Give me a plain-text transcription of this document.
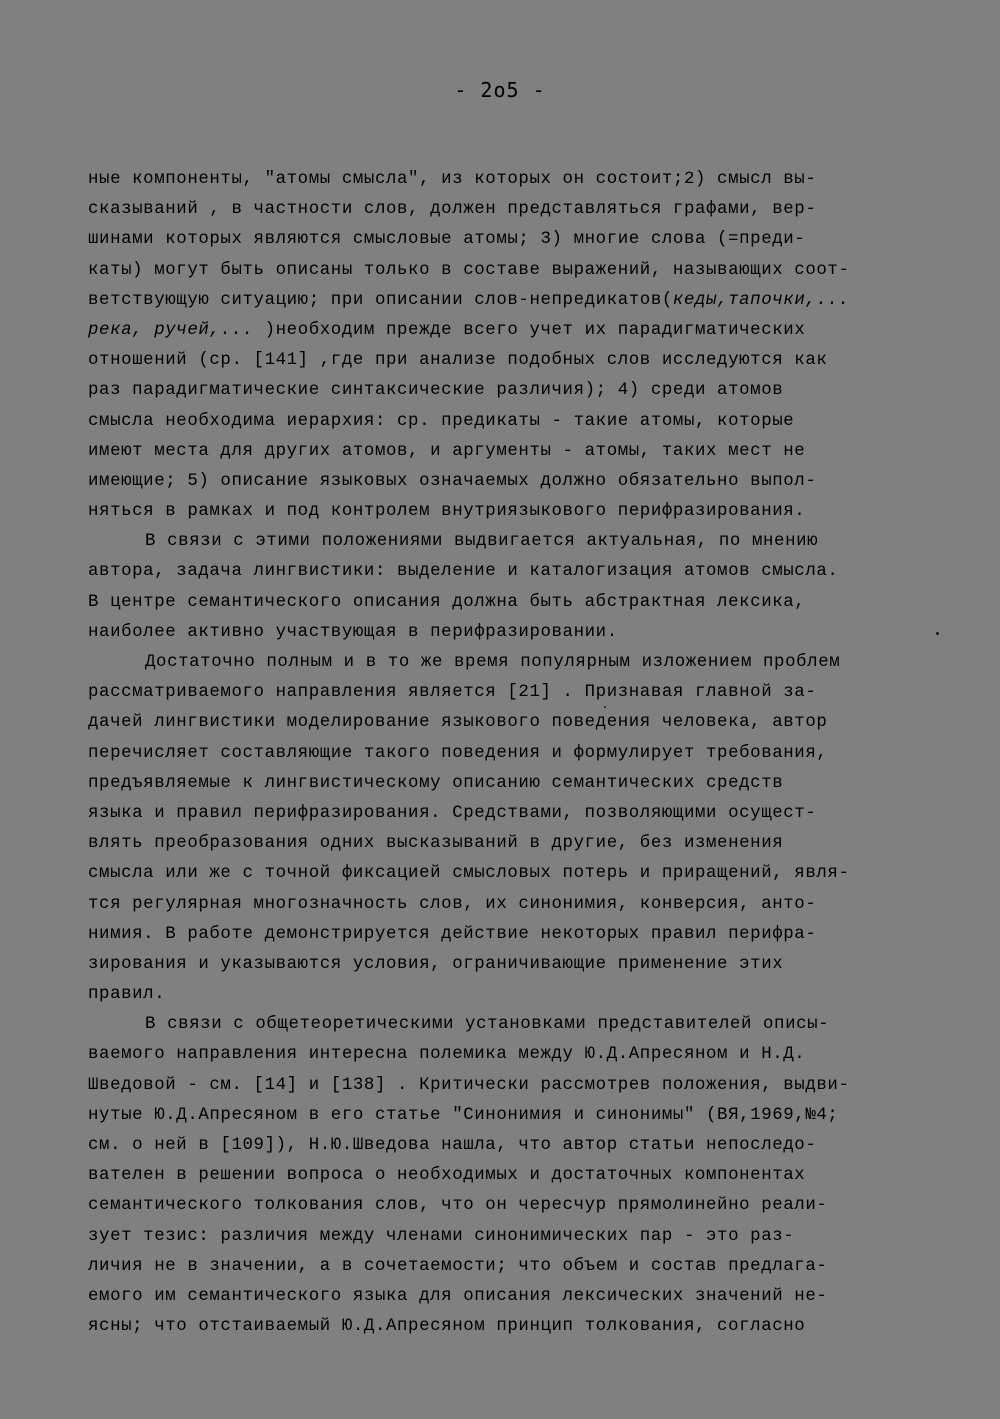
- 2o5 -
ные компоненты, "атомы смысла", из которых он состоит;2) смысл вы-
сказываний , в частности слов, должен представляться графами, вер-
шинами которых являются смысловые атомы; 3) многие слова (=преди-
каты) могут быть описаны только в составе выражений, называющих соот-
ветствующую ситуацию; при описании слов-непредикатов(кеды,тапочки,...
река, ручей,... )необходим прежде всего учет их парадигматических
отношений (ср. [141] ,где при анализе подобных слов исследуются как
раз парадигматические синтаксические различия); 4) среди атомов
смысла необходима иерархия: ср. предикаты - такие атомы, которые
имеют места для других атомов, и аргументы - атомы, таких мест не
имеющие; 5) описание языковых означаемых должно обязательно выпол-
няться в рамках и под контролем внутриязыкового перифразирования.
В связи с этими положениями выдвигается актуальная, по мнению
автора, задача лингвистики: выделение и каталогизация атомов смысла.
В центре семантического описания должна быть абстрактная лексика,
наиболее активно участвующая в перифразировании.
Достаточно полным и в то же время популярным изложением проблем
рассматриваемого направления является [21] . Признавая главной за-
дачей лингвистики моделирование языкового поведения человека, автор
перечисляет составляющие такого поведения и формулирует требования,
предъявляемые к лингвистическому описанию семантических средств
языка и правил перифразирования. Средствами, позволяющими осущест-
влять преобразования одних высказываний в другие, без изменения
смысла или же с точной фиксацией смысловых потерь и приращений, явля-
тся регулярная многозначность слов, их синонимия, конверсия, анто-
нимия. В работе демонстрируется действие некоторых правил перифра-
зирования и указываются условия, ограничивающие применение этих
правил.
В связи с общетеоретическими установками представителей описы-
ваемого направления интересна полемика между Ю.Д.Апресяном и Н.Д.
Шведовой - см. [14] и [138] . Критически рассмотрев положения, выдви-
нутые Ю.Д.Апресяном в его статье "Синонимия и синонимы" (ВЯ,1969,№4;
см. о ней в [109]), Н.Ю.Шведова нашла, что автор статьи непоследо-
вателен в решении вопроса о необходимых и достаточных компонентах
семантического толкования слов, что он чересчур прямолинейно реали-
зует тезис: различия между членами синонимических пар - это раз-
личия не в значении, а в сочетаемости; что объем и состав предлага-
емого им семантического языка для описания лексических значений не-
ясны; что отстаиваемый Ю.Д.Апресяном принцип толкования, согласно
